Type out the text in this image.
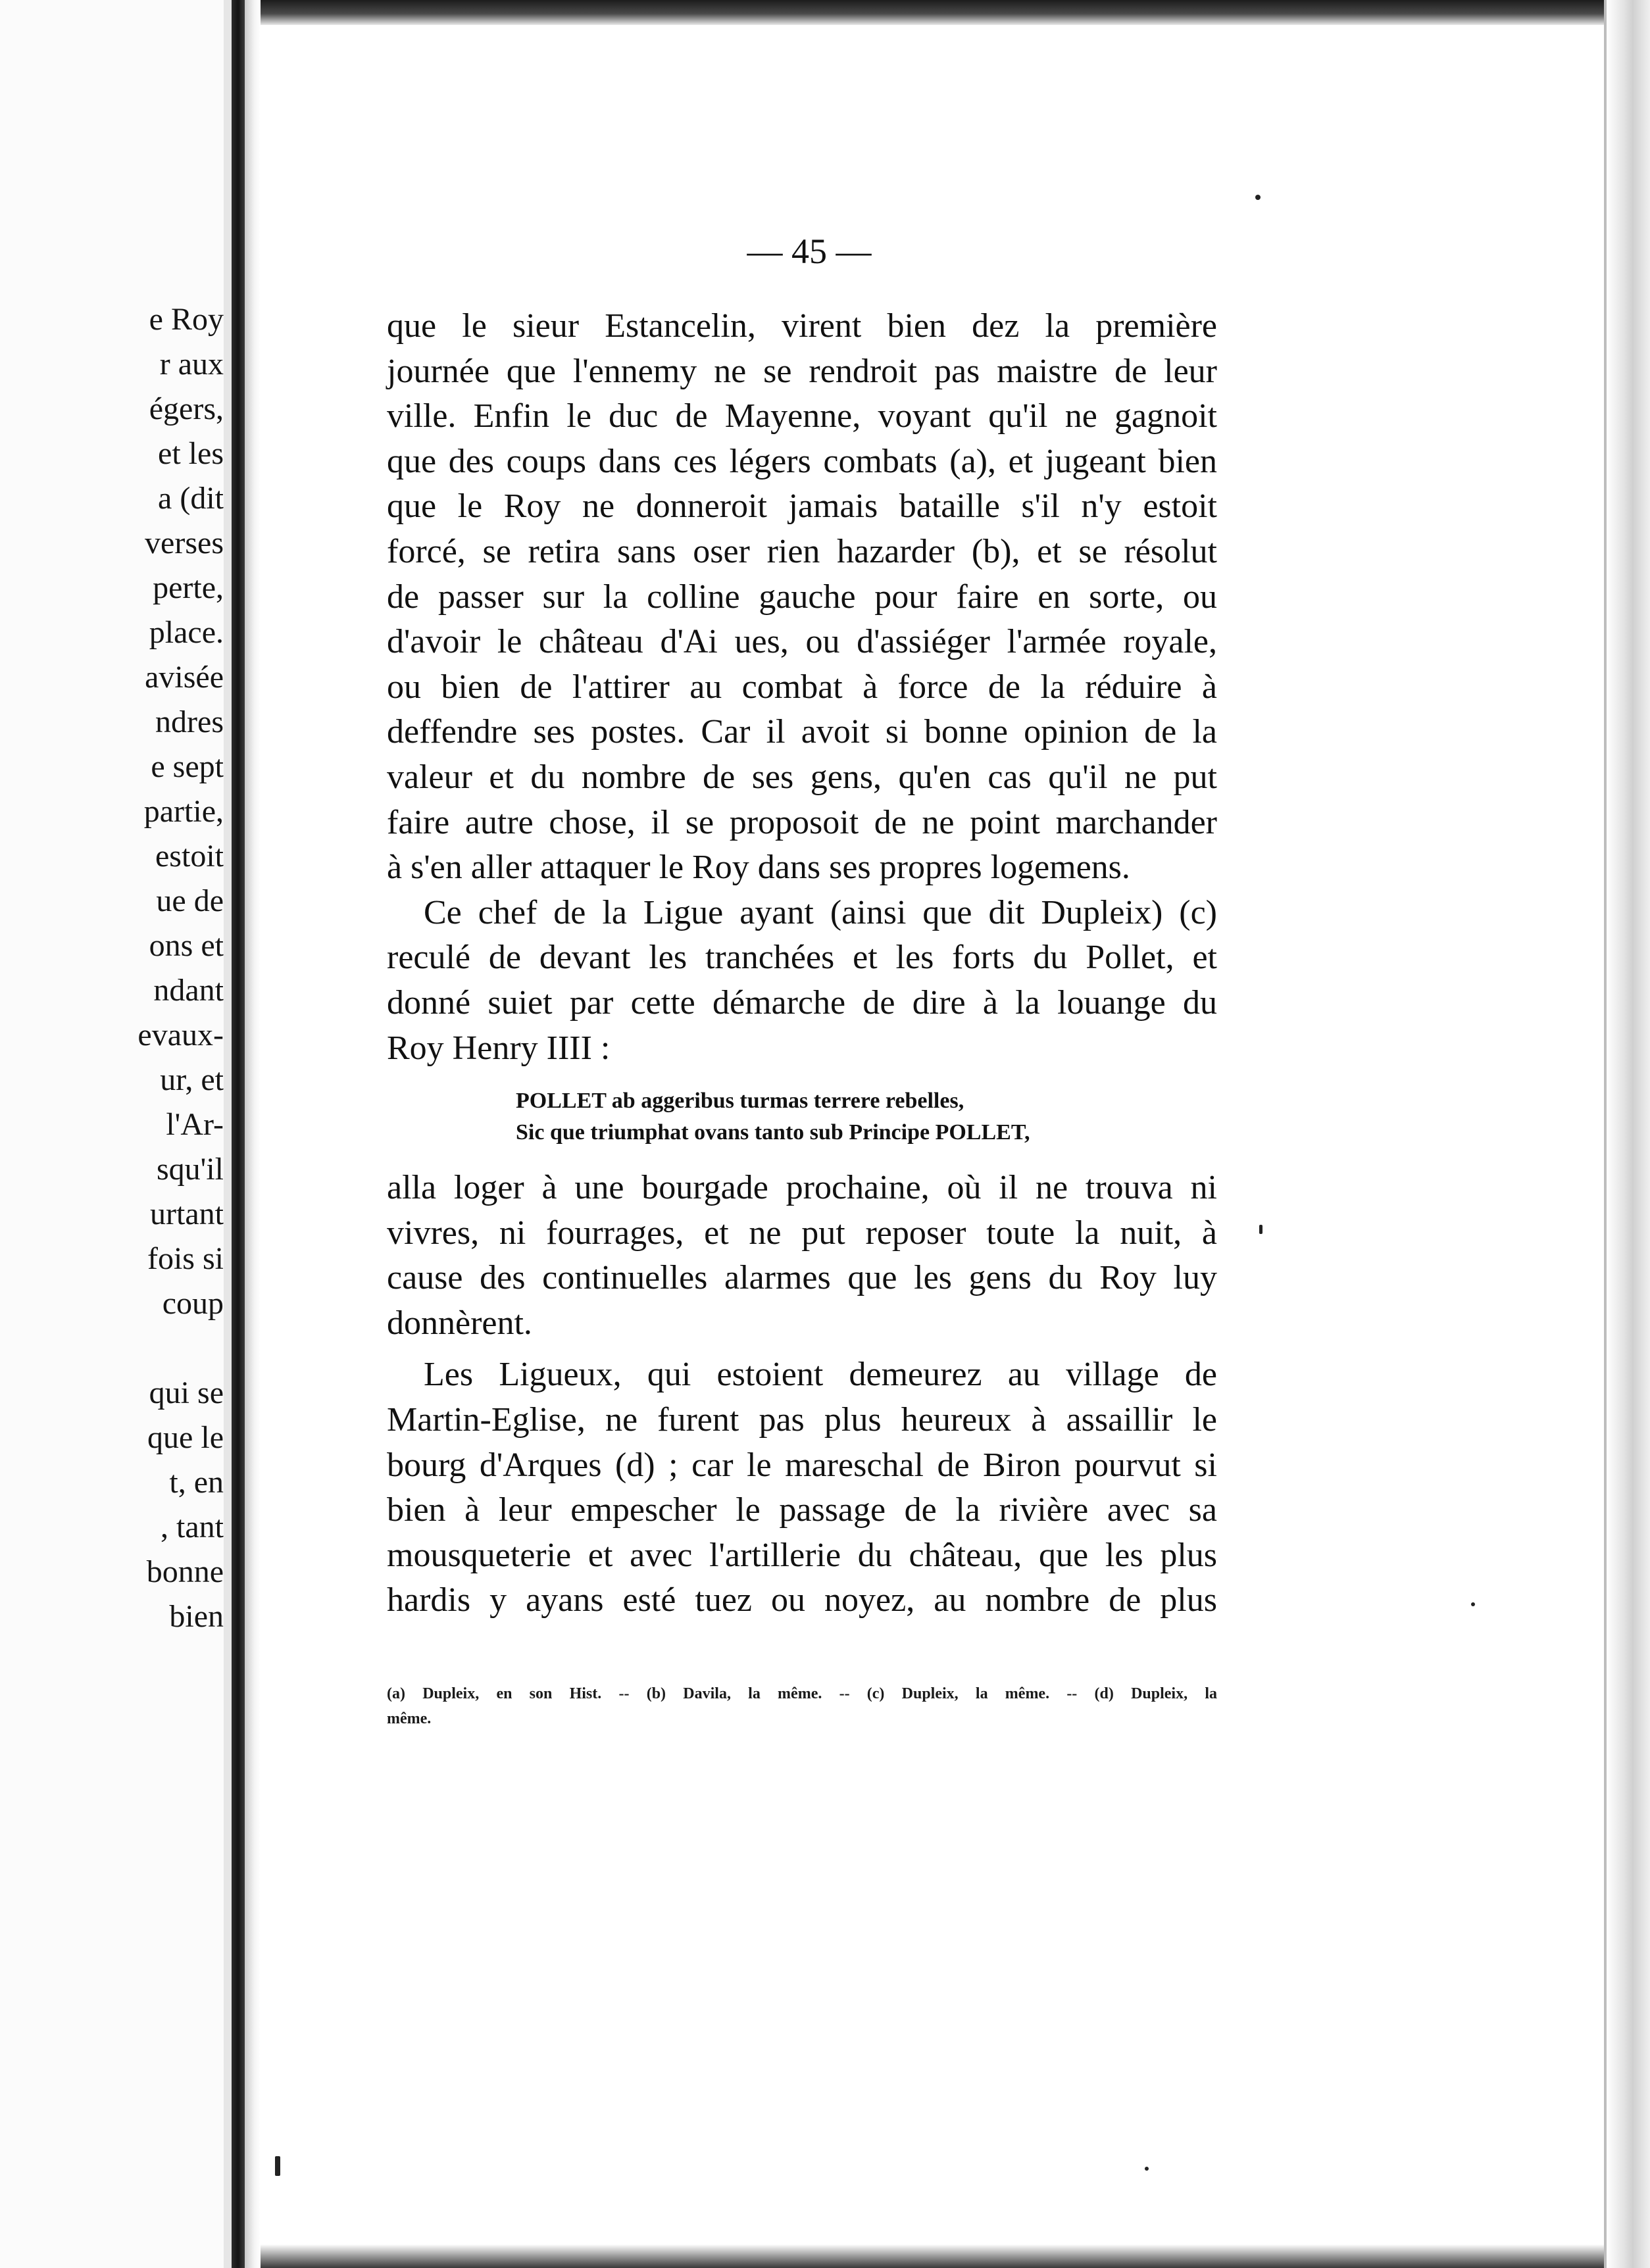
e Roy
r aux
égers,
et les
a (dit
verses
perte,
place.
avisée
ndres
e sept
partie,
estoit
ue de
ons et
ndant
evaux-
ur, et
l'Ar-
squ'il
urtant
fois si
coup
qui se
que le
t, en
, tant
bonne
bien
— 45 —
que le sieur Estancelin, virent bien dez la première
journée que l'ennemy ne se rendroit pas maistre de leur
ville. Enfin le duc de Mayenne, voyant qu'il ne gagnoit
que des coups dans ces légers combats (a), et jugeant bien
que le Roy ne donneroit jamais bataille s'il n'y estoit
forcé, se retira sans oser rien hazarder (b), et se résolut
de passer sur la colline gauche pour faire en sorte, ou
d'avoir le château d'Ai ues, ou d'assiéger l'armée royale,
ou bien de l'attirer au combat à force de la réduire à
deffendre ses postes. Car il avoit si bonne opinion de la
valeur et du nombre de ses gens, qu'en cas qu'il ne put
faire autre chose, il se proposoit de ne point marchander
à s'en aller attaquer le Roy dans ses propres logemens.
Ce chef de la Ligue ayant (ainsi que dit Dupleix) (c)
reculé de devant les tranchées et les forts du Pollet, et
donné suiet par cette démarche de dire à la louange du
Roy Henry IIII :
POLLET ab aggeribus turmas terrere rebelles,
Sic que triumphat ovans tanto sub Principe POLLET,
alla loger à une bourgade prochaine, où il ne trouva ni
vivres, ni fourrages, et ne put reposer toute la nuit, à
cause des continuelles alarmes que les gens du Roy luy
donnèrent.
Les Ligueux, qui estoient demeurez au village de
Martin-Eglise, ne furent pas plus heureux à assaillir le
bourg d'Arques (d) ; car le mareschal de Biron pourvut si
bien à leur empescher le passage de la rivière avec sa
mousqueterie et avec l'artillerie du château, que les plus
hardis y ayans esté tuez ou noyez, au nombre de plus
(a) Dupleix, en son Hist. -- (b) Davila, la même. -- (c) Dupleix, la même. -- (d) Dupleix, la
même.
